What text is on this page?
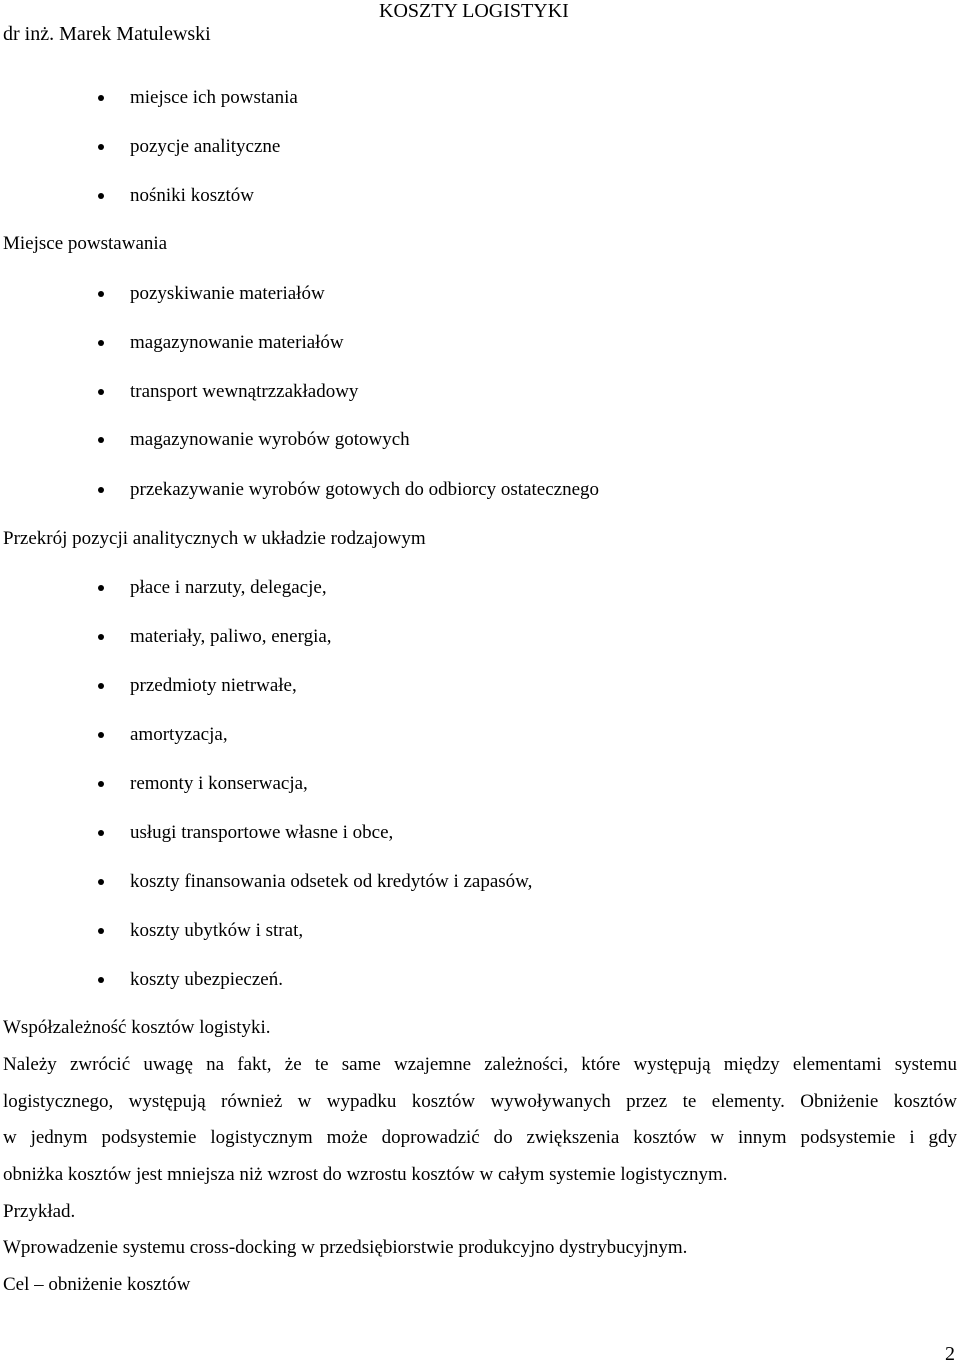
dr inż. Marek Matulewski
KOSZTY LOGISTYKI
miejsce ich powstania
pozycje analityczne
nośniki kosztów
Miejsce powstawania
pozyskiwanie materiałów
magazynowanie materiałów
transport wewnątrzzakładowy
magazynowanie wyrobów gotowych
przekazywanie wyrobów gotowych do odbiorcy ostatecznego
Przekrój pozycji analitycznych w układzie rodzajowym
płace i narzuty, delegacje,
materiały, paliwo, energia,
przedmioty nietrwałe,
amortyzacja,
remonty i konserwacja,
usługi transportowe własne i obce,
koszty finansowania odsetek od kredytów i zapasów,
koszty ubytków i strat,
koszty ubezpieczeń.
Współzależność kosztów logistyki.
Należy zwrócić uwagę na fakt, że te same wzajemne zależności, które występują między elementami systemu
logistycznego, występują również w wypadku kosztów wywoływanych przez te elementy. Obniżenie kosztów
w jednym podsystemie logistycznym może doprowadzić do zwiększenia kosztów w innym podsystemie i gdy
obniżka kosztów jest mniejsza niż wzrost do wzrostu kosztów w całym systemie logistycznym.
Przykład.
Wprowadzenie systemu cross-docking w przedsiębiorstwie produkcyjno dystrybucyjnym.
Cel – obniżenie kosztów
2
